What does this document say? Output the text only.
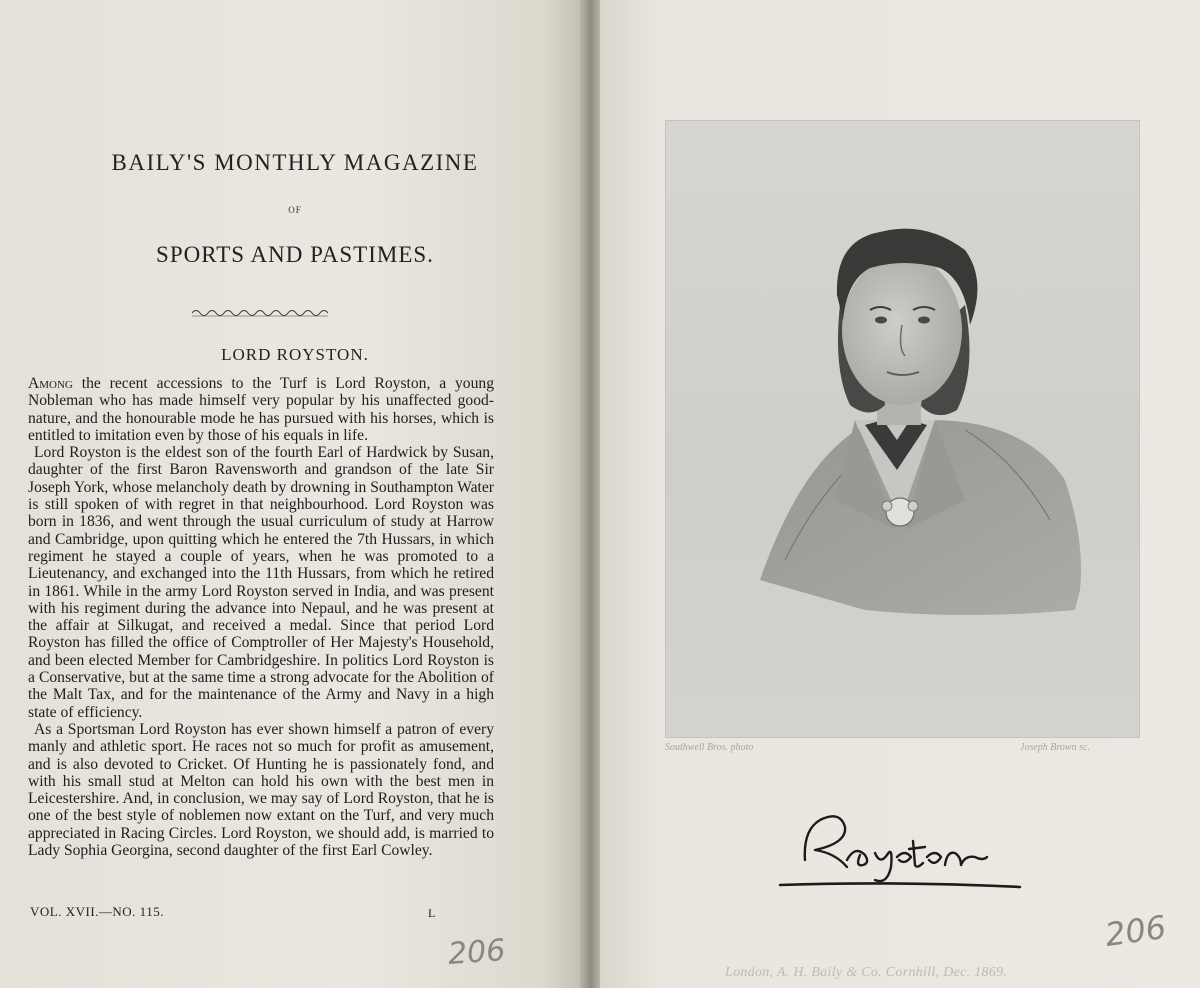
BAILY'S MONTHLY MAGAZINE
OF
SPORTS AND PASTIMES.
LORD ROYSTON.

Among the recent accessions to the Turf is Lord Royston, a young Nobleman who has made himself very popular by his unaffected good-nature, and the honourable mode he has pursued with his horses, which is entitled to imitation even by those of his equals in life.

Lord Royston is the eldest son of the fourth Earl of Hardwick by Susan, daughter of the first Baron Ravensworth and grandson of the late Sir Joseph York, whose melancholy death by drowning in Southampton Water is still spoken of with regret in that neighbourhood. Lord Royston was born in 1836, and went through the usual curriculum of study at Harrow and Cambridge, upon quitting which he entered the 7th Hussars, in which regiment he stayed a couple of years, when he was promoted to a Lieutenancy, and exchanged into the 11th Hussars, from which he retired in 1861. While in the army Lord Royston served in India, and was present with his regiment during the advance into Nepaul, and he was present at the affair at Silkugat, and received a medal. Since that period Lord Royston has filled the office of Comptroller of Her Majesty's Household, and been elected Member for Cambridgeshire. In politics Lord Royston is a Conservative, but at the same time a strong advocate for the Abolition of the Malt Tax, and for the maintenance of the Army and Navy in a high state of efficiency.

As a Sportsman Lord Royston has ever shown himself a patron of every manly and athletic sport. He races not so much for profit as amusement, and is also devoted to Cricket. Of Hunting he is passionately fond, and with his small stud at Melton can hold his own with the best men in Leicestershire. And, in conclusion, we may say of Lord Royston, that he is one of the best style of noblemen now extant on the Turf, and very much appreciated in Racing Circles. Lord Royston, we should add, is married to Lady Sophia Georgina, second daughter of the first Earl Cowley.

VOL. XVII.—NO. 115.	L
206
Southwell Bros. photo	Joseph Brown sc.
London, A. H. Baily & Co. Cornhill, Dec. 1869.
206
